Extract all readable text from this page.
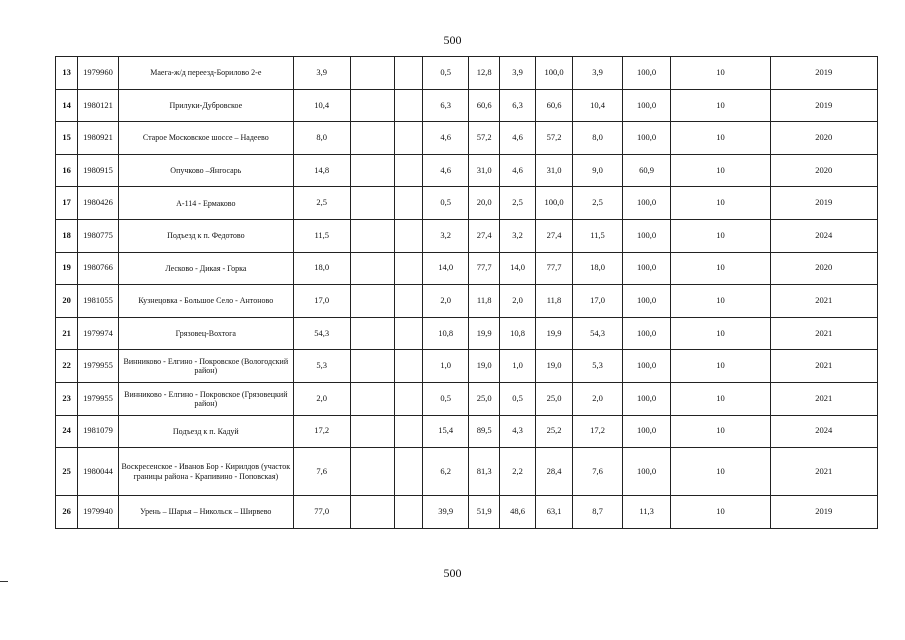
500
13	1979960	Маега-ж/д переезд-Борилово 2-е	3,9			0,5	12,8	3,9	100,0	3,9	100,0	10	2019
14	1980121	Прилуки-Дубровское	10,4			6,3	60,6	6,3	60,6	10,4	100,0	10	2019
15	1980921	Старое Московское шоссе – Надеево	8,0			4,6	57,2	4,6	57,2	8,0	100,0	10	2020
16	1980915	Опучково –Янгосарь	14,8			4,6	31,0	4,6	31,0	9,0	60,9	10	2020
17	1980426	А-114 - Ермаково	2,5			0,5	20,0	2,5	100,0	2,5	100,0	10	2019
18	1980775	Подъезд к п. Федотово	11,5			3,2	27,4	3,2	27,4	11,5	100,0	10	2024
19	1980766	Лесково - Дикая - Горка	18,0			14,0	77,7	14,0	77,7	18,0	100,0	10	2020
20	1981055	Кузнецовка - Большое Село - Антоново	17,0			2,0	11,8	2,0	11,8	17,0	100,0	10	2021
21	1979974	Грязовец-Вохтога	54,3			10,8	19,9	10,8	19,9	54,3	100,0	10	2021
22	1979955	Винниково - Елгино - Покровское (Вологодский район)	5,3			1,0	19,0	1,0	19,0	5,3	100,0	10	2021
23	1979955	Винниково - Елгино - Покровское (Грязовецкий район)	2,0			0,5	25,0	0,5	25,0	2,0	100,0	10	2021
24	1981079	Подъезд к п. Кадуй	17,2			15,4	89,5	4,3	25,2	17,2	100,0	10	2024
25	1980044	Воскресенское - Иванов Бор - Кирилдов (участок границы района - Крапивино - Поповская)	7,6			6,2	81,3	2,2	28,4	7,6	100,0	10	2021
26	1979940	Урень – Шарья – Никольск – Ширвево	77,0			39,9	51,9	48,6	63,1	8,7	11,3	10	2019
500
